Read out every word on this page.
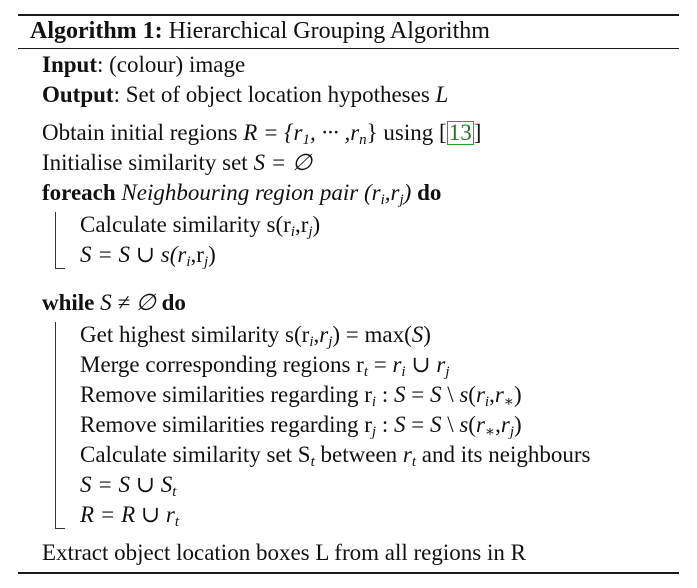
Algorithm 1: Hierarchical Grouping Algorithm
Input: (colour) image
Output: Set of object location hypotheses L
Obtain initial regions $R = \{r_1$, ··· $,r_n$} using [13]
Initialise similarity set S = ∅
foreach Neighbouring region pair $(r_i,r_j)$ do
Calculate similarity $s(r_i,r_j)$
S = S ∪ $s(r_i,r_j)$
while S ≠ ∅ do
Get highest similarity $s(r_i,r_j) = \max(S)$
Merge corresponding regions $r_t = r_i$ ∪ $r_j$
Remove similarities regarding $r_i$ : S = S \ $s(r_i,r_∗)$
Remove similarities regarding $r_j$ : S = S \ $s(r_∗,r_j)$
Calculate similarity set $S_t$ between $r_t$ and its neighbours
S = S ∪ $S_t$
R = R ∪ $r_t$
Extract object location boxes L from all regions in R
